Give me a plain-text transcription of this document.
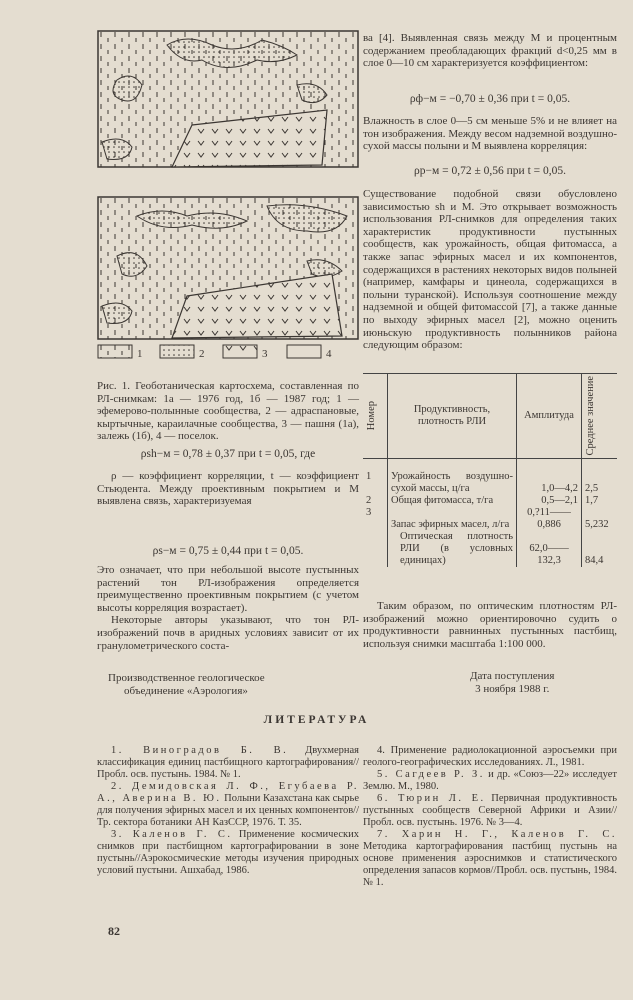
1	2	3	4

Рис. 1. Геоботаническая картосхема, составленная по РЛ-снимкам: 1а — 1976 год, 1б — 1987 год; 1 — эфемерово-полынные сообщества, 2 — адраспановые, кыртычные, караилачные сообщества, 3 — пашня (1а), залежь (1б), 4 — поселок.

ρsh−м = 0,78 ± 0,37 при t = 0,05, где

ρ — коэффициент корреляции, t — коэффициент Стьюдента. Между проективным покрытием и М выявлена связь, характеризуемая

ρs−м = 0,75 ± 0,44 при t = 0,05.

Это означает, что при небольшой высоте пустынных растений тон РЛ-изображения определяется преимущественно проективным покрытием (с учетом высоты корреляция возрастает).

Некоторые авторы указывают, что тон РЛ-изображений почв в аридных условиях зависит от их гранулометрического соста-

Производственное геологическое
объединение «Аэрология»

ва [4]. Выявленная связь между М и процентным содержанием преобладающих фракций d<0,25 мм в слое 0—10 см характеризуется коэффициентом:

ρф−м = −0,70 ± 0,36 при t = 0,05.

Влажность в слое 0—5 см меньше 5% и не влияет на тон изображения. Между весом надземной воздушно-сухой массы полыни и М выявлена корреляция:

ρр−м = 0,72 ± 0,56 при t = 0,05.

Существование подобной связи обусловлено зависимостью sh и М. Это открывает возможность использования РЛ-снимков для определения таких характеристик продуктивности пустынных сообществ, как урожайность, общая фитомасса, а также запас эфирных масел и их компонентов, содержащихся в растениях некоторых видов полыней (например, камфары и цинеола, содержащихся в полыни туранской). Используя соотношение между надземной и общей фитомассой [7], а также данные по выходу эфирных масел [2], можно оценить июньскую продуктивность полынников района следующим образом:

Номер	Продуктивность, плотность РЛИ	Амплитуда	Среднее значение

1	Урожайность воздушно-сухой массы, ц/га	1,0—4,2	2,5
2	Общая фитомасса, т/га	0,5—2,1	1,7
3	Запас эфирных масел, л/га	0,?11——0,886	5,232
	Оптическая плотность РЛИ (в условных единицах)	62,0——132,3	84,4

Таким образом, по оптическим плотностям РЛ-изображений можно ориентировочно судить о продуктивности равнинных пустынных пастбищ, используя снимки масштаба 1:100 000.

Дата поступления
3 ноября 1988 г.
ЛИТЕРАТУРА

1. Виноградов Б. В. Двухмерная классификация единиц пастбищного картографирования//Пробл. осв. пустынь. 1984. № 1.

2. Демидовская Л. Ф., Егубаева Р. А., Аверина В. Ю. Полыни Казахстана как сырье для получения эфирных масел и их ценных компонентов//Тр. сектора ботаники АН КазССР, 1976. Т. 35.

3. Каленов Г. С. Применение космических снимков при пастбищном картографировании в зоне пустынь//Аэрокосмические методы изучения природных условий пустыни. Ашхабад, 1986.

4. Применение радиолокационной аэросъемки при геолого-географических исследованиях. Л., 1981.

5. Сагдеев Р. З. и др. «Союз—22» исследует Землю. М., 1980.

6. Тюрин Л. Е. Первичная продуктивность пустынных сообществ Северной Африки и Азии//Пробл. осв. пустынь. 1976. № 3—4.

7. Харин Н. Г., Каленов Г. С. Методика картографирования пастбищ пустынь на основе применения аэроснимков и статистического определения запасов кормов//Пробл. осв. пустынь, 1984. № 1.

82
